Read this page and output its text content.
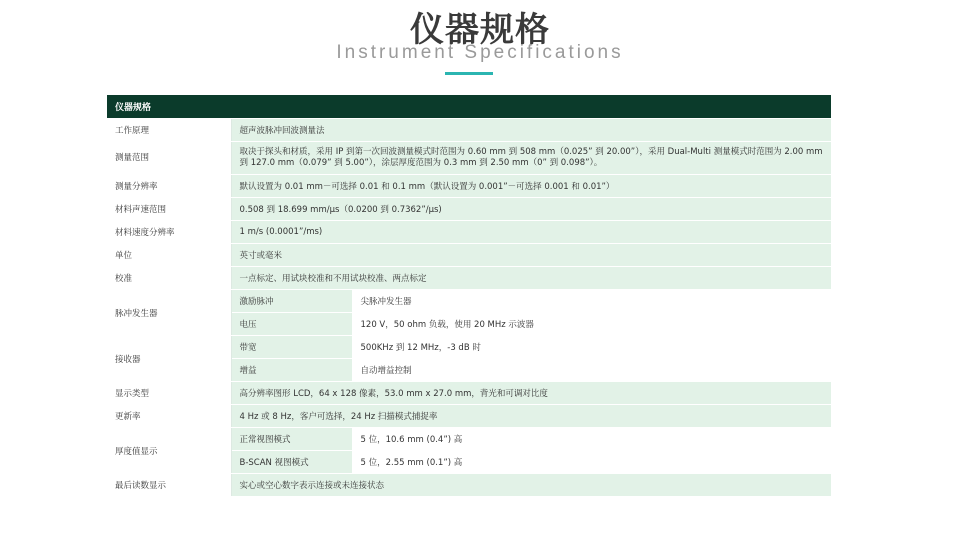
仪器规格
Instrument Specifications
仪器规格		
工作原理	超声波脉冲回波测量法	
测量范围	取决于探头和材质，采用 IP 到第一次回波测量模式时范围为 0.60 mm 到 508 mm（0.025” 到 20.00”），采用 Dual-Multi 测量模式时范围为 2.00 mm 到 127.0 mm（0.079” 到 5.00”），涂层厚度范围为 0.3 mm 到 2.50 mm（0” 到 0.098”）。	
测量分辨率	默认设置为 0.01 mm－可选择 0.01 和 0.1 mm（默认设置为 0.001”－可选择 0.001 和 0.01”）	
材料声速范围	0.508 到 18.699 mm/µs（0.0200 到 0.7362”/µs)	
材料速度分辨率	1 m/s (0.0001”/ms)	
单位	英寸或毫米	
校准	一点标定、用试块校准和不用试块校准、两点标定	
脉冲发生器	激励脉冲	尖脉冲发生器
	电压	120 V，50 ohm 负载，使用 20 MHz 示波器
接收器	带宽	500KHz 到 12 MHz，-3 dB 时
	增益	自动增益控制
显示类型	高分辨率图形 LCD，64 x 128 像素，53.0 mm x 27.0 mm，背光和可调对比度	
更新率	4 Hz 或 8 Hz，客户可选择，24 Hz 扫描模式捕捉率	
厚度值显示	正常视图模式	5 位，10.6 mm (0.4”) 高
	B-SCAN 视图模式	5 位，2.55 mm (0.1”) 高
最后读数显示	实心或空心数字表示连接或未连接状态	
